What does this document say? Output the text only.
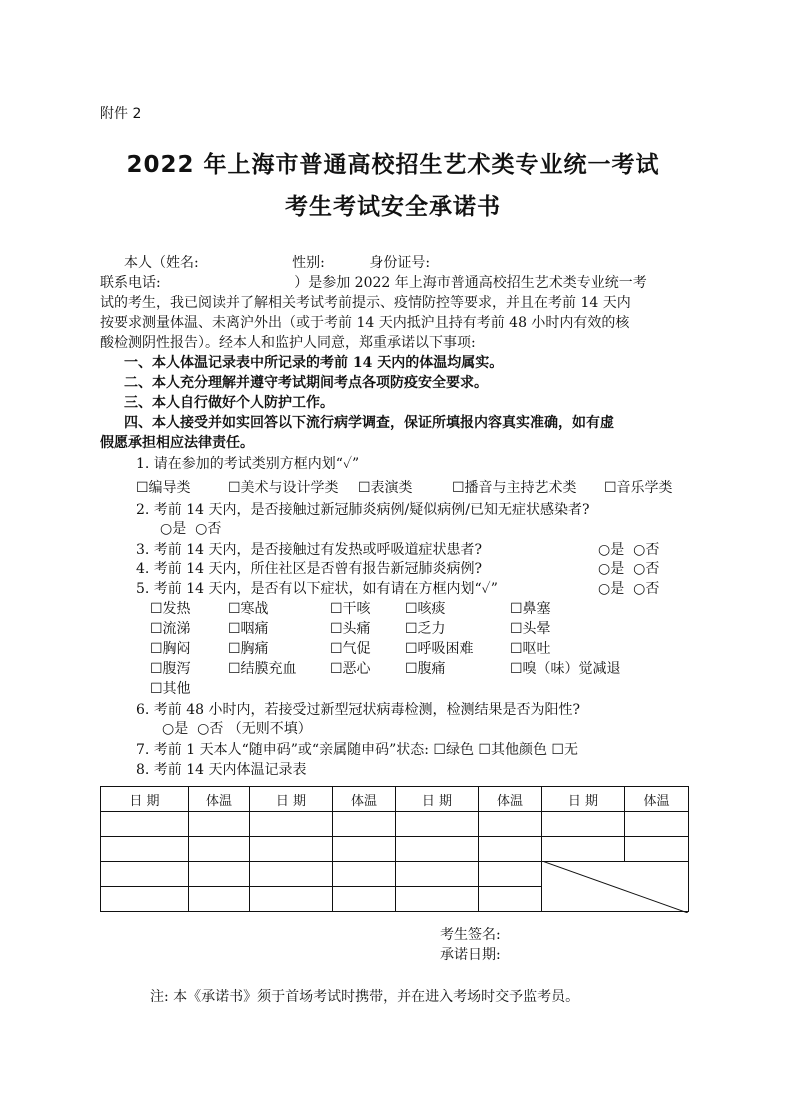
附件 2
2022 年上海市普通高校招生艺术类专业统一考试
考生考试安全承诺书
本人（姓名:                     性别:          身份证号:
联系电话:                              ）是参加 2022 年上海市普通高校招生艺术类专业统一考
试的考生，我已阅读并了解相关考试考前提示、疫情防控等要求，并且在考前 14 天内
按要求测量体温、未离沪外出（或于考前 14 天内抵沪且持有考前 48 小时内有效的核
酸检测阴性报告）。经本人和监护人同意，郑重承诺以下事项:
一、本人体温记录表中所记录的考前 14 天内的体温均属实。
二、本人充分理解并遵守考试期间考点各项防疫安全要求。
三、本人自行做好个人防护工作。
四、本人接受并如实回答以下流行病学调查，保证所填报内容真实准确，如有虚
假愿承担相应法律责任。
1. 请在参加的考试类别方框内划“✓”
☐编导类	☐美术与设计学类 ☐表演类	☐播音与主持艺术类 ☐音乐学类
2. 考前 14 天内，是否接触过新冠肺炎病例/疑似病例/已知无症状感染者?
○是  ○否
3. 考前 14 天内，是否接触过有发热或呼吸道症状患者?	○是  ○否
4. 考前 14 天内，所住社区是否曾有报告新冠肺炎病例?	○是  ○否
5. 考前 14 天内，是否有以下症状，如有请在方框内划“✓”	○是  ○否
☐发热	☐寒战	☐干咳 ☐咳痰	☐鼻塞
☐流涕	☐咽痛	☐头痛 ☐乏力	☐头晕
☐胸闷	☐胸痛	☐气促 ☐呼吸困难	☐呕吐
☐腹泻	☐结膜充血 ☐恶心 ☐腹痛	☐嗅（味）觉减退
☐其他
6. 考前 48 小时内，若接受过新型冠状病毒检测，检测结果是否为阳性?
○是  ○否 （无则不填）
7. 考前 1 天本人“随申码”或“亲属随申码”状态: ☐绿色 ☐其他颜色 ☐无
8. 考前 14 天内体温记录表
日 期	体温	日 期	体温	日 期	体温	日 期	体温

考生签名:
承诺日期:
注: 本《承诺书》须于首场考试时携带，并在进入考场时交予监考员。
